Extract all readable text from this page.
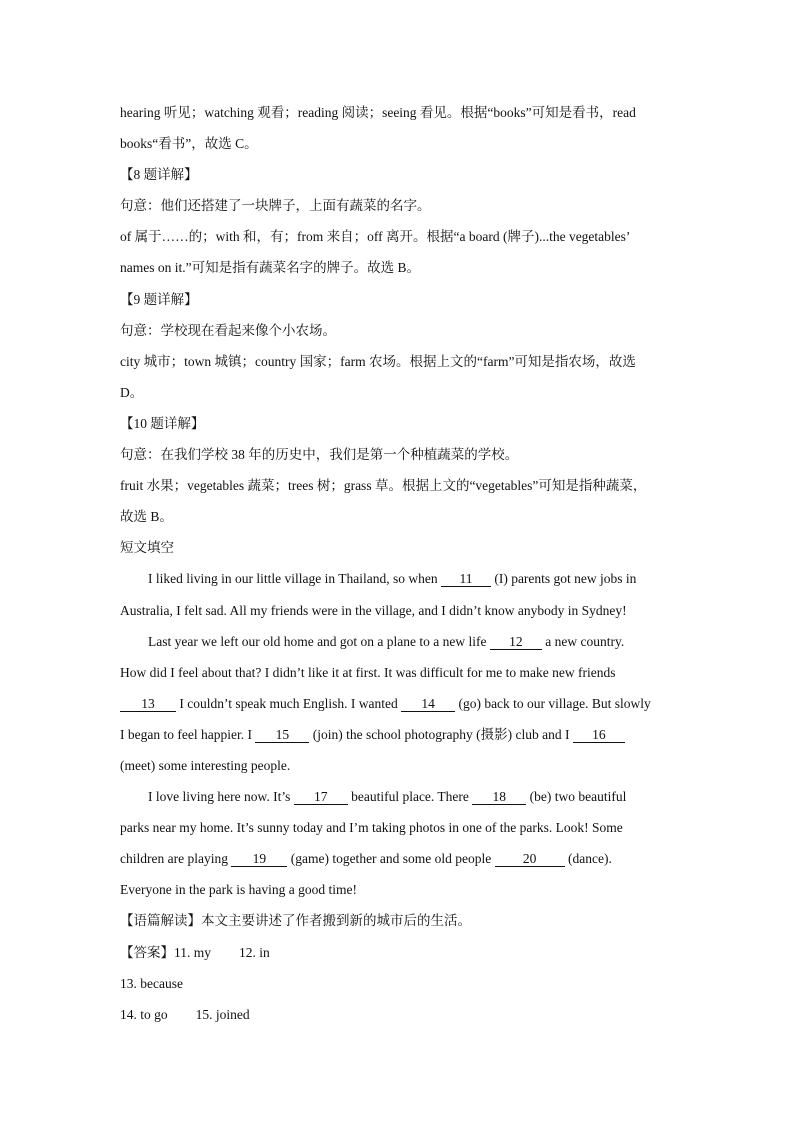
hearing 听见；watching 观看；reading 阅读；seeing 看见。根据“books”可知是看书，read
books“看书”，故选 C。
【8 题详解】
句意：他们还搭建了一块牌子，上面有蔬菜的名字。
of 属于……的；with 和，有；from 来自；off 离开。根据“a board (牌子)...the vegetables’
names on it.”可知是指有蔬菜名字的牌子。故选 B。
【9 题详解】
句意：学校现在看起来像个小农场。
city 城市；town 城镇；country 国家；farm 农场。根据上文的“farm”可知是指农场，故选
D。
【10 题详解】
句意：在我们学校 38 年的历史中，我们是第一个种植蔬菜的学校。
fruit 水果；vegetables 蔬菜；trees 树；grass 草。根据上文的“vegetables”可知是指种蔬菜，
故选 B。
短文填空
I liked living in our little village in Thailand, so when 11 (I) parents got new jobs in
Australia, I felt sad. All my friends were in the village, and I didn’t know anybody in Sydney!
Last year we left our old home and got on a plane to a new life 12 a new country.
How did I feel about that? I didn’t like it at first. It was difficult for me to make new friends
13 I couldn’t speak much English. I wanted 14 (go) back to our village. But slowly
I began to feel happier. I 15 (join) the school photography (摄影) club and I 16
(meet) some interesting people.
I love living here now. It’s 17 beautiful place. There 18 (be) two beautiful
parks near my home. It’s sunny today and I’m taking photos in one of the parks. Look! Some
children are playing 19 (game) together and some old people 20 (dance).
Everyone in the park is having a good time!
【语篇解读】本文主要讲述了作者搬到新的城市后的生活。
【答案】11. my 12. in
13. because
14. to go 15. joined
